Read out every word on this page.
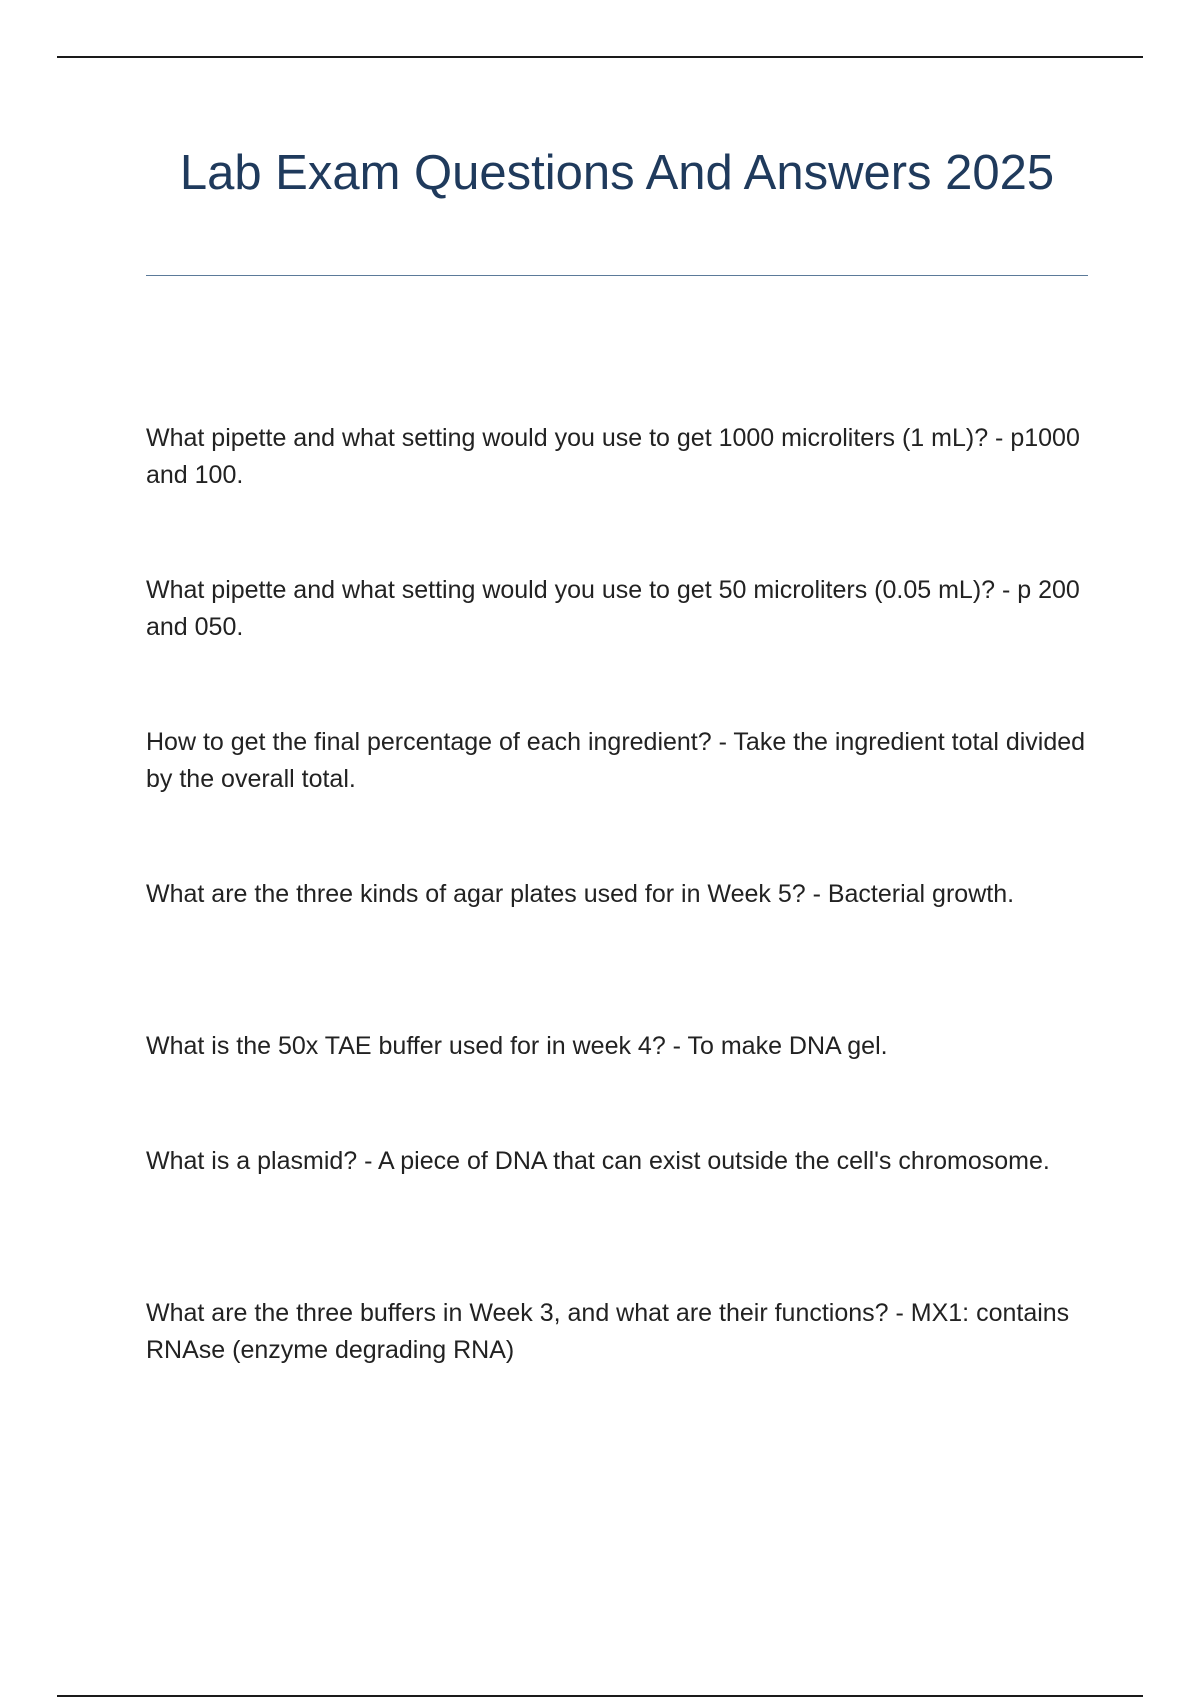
Lab Exam Questions And Answers 2025

What pipette and what setting would you use to get 1000 microliters (1 mL)? - p1000 and 100.

What pipette and what setting would you use to get 50 microliters (0.05 mL)? - p 200 and 050.

How to get the final percentage of each ingredient? - Take the ingredient total divided by the overall total.

What are the three kinds of agar plates used for in Week 5? - Bacterial growth.

What is the 50x TAE buffer used for in week 4? - To make DNA gel.

What is a plasmid? - A piece of DNA that can exist outside the cell's chromosome.

What are the three buffers in Week 3, and what are their functions? - MX1: contains RNAse (enzyme degrading RNA)
